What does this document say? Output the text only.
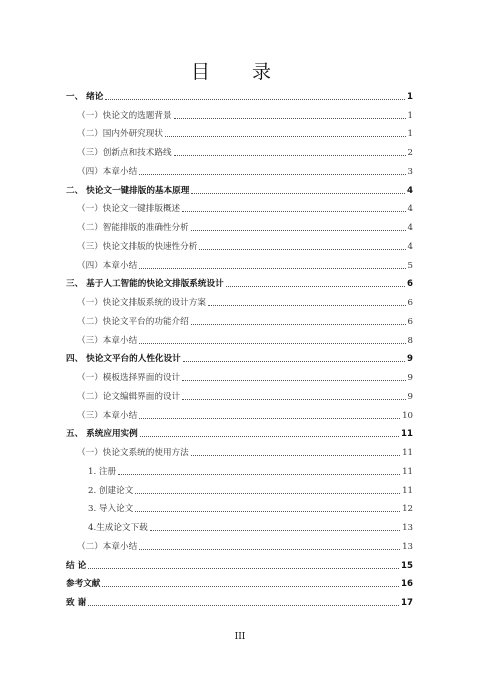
目 录
一、 绪论	1
（一）快论文的选题背景	1
（二）国内外研究现状	1
（三）创新点和技术路线	2
（四）本章小结	3
二、 快论文一键排版的基本原理	4
（一）快论文一键排版概述	4
（二）智能排版的准确性分析	4
（三）快论文排版的快速性分析	4
（四）本章小结	5
三、 基于人工智能的快论文排版系统设计	6
（一）快论文排版系统的设计方案	6
（二）快论文平台的功能介绍	6
（三）本章小结	8
四、 快论文平台的人性化设计	9
（一）模板选择界面的设计	9
（二）论文编辑界面的设计	9
（三）本章小结	10
五、 系统应用实例	11
（一）快论文系统的使用方法	11
1. 注册	11
2. 创建论文	11
3. 导入论文	12
4.生成论文下载	13
（二）本章小结	13
结 论	15
参考文献	16
致 谢	17
III
